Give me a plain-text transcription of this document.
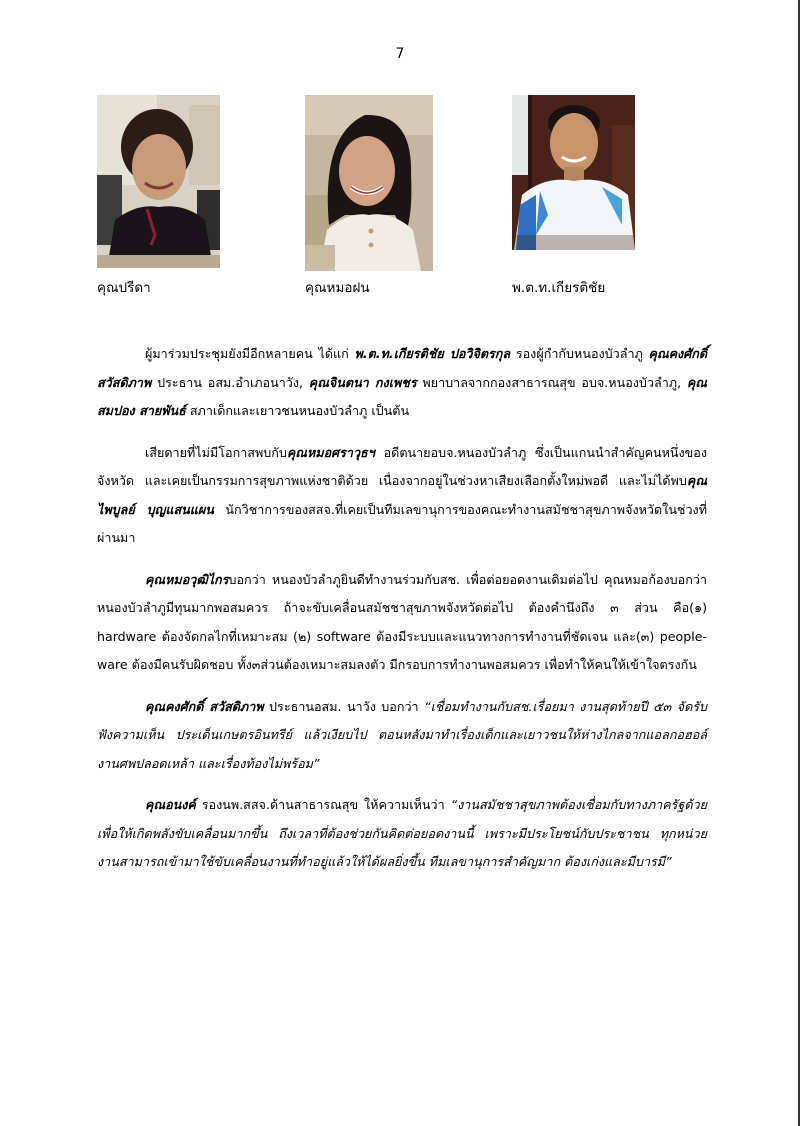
7
คุณปรีดา	คุณหมอฝน	พ.ต.ท.เกียรติชัย

ผู้มาร่วมประชุมยังมีอีกหลายคน ได้แก่ พ.ต.ท.เกียรติชัย ปอวิจิตรกุล รองผู้กำกับหนองบัวลำภู คุณคงศักดิ์ สวัสดิภาพ ประธาน อสม.อำเภอนาวัง, คุณจินตนา กงเพชร พยาบาลจากกองสาธารณสุข อบจ.หนองบัวลำภู, คุณสมปอง สายพันธ์ สภาเด็กและเยาวชนหนองบัวลำภู เป็นต้น

เสียดายที่ไม่มีโอกาสพบกับคุณหมอศราวุธฯ อดีตนายอบจ.หนองบัวลำภู ซึ่งเป็นแกนนำสำคัญคนหนึ่งของจังหวัด และเคยเป็นกรรมการสุขภาพแห่งชาติด้วย เนื่องจากอยู่ในช่วงหาเสียงเลือกตั้งใหม่พอดี และไม่ได้พบคุณไพบูลย์ บุญแสนแผน นักวิชาการของสสจ.ที่เคยเป็นทีมเลขานุการของคณะทำงานสมัชชาสุขภาพจังหวัดในช่วงที่ผ่านมา

คุณหมอวุฒิไกรบอกว่า หนองบัวลำภูยินดีทำงานร่วมกับสช. เพื่อต่อยอดงานเดิมต่อไป คุณหมอก้องบอกว่า หนองบัวลำภูมีทุนมากพอสมควร ถ้าจะขับเคลื่อนสมัชชาสุขภาพจังหวัดต่อไป ต้องคำนึงถึง ๓ ส่วน คือ(๑) hardware ต้องจัดกลไกที่เหมาะสม (๒) software ต้องมีระบบและแนวทางการทำงานที่ชัดเจน และ(๓) people-ware ต้องมีคนรับผิดชอบ ทั้ง๓ส่วนต้องเหมาะสมลงตัว มีกรอบการทำงานพอสมควร เพื่อทำให้คนให้เข้าใจตรงกัน

คุณคงศักดิ์ สวัสดิภาพ ประธานอสม. นาวัง บอกว่า “เชื่อมทำงานกับสช.เรื่อยมา งานสุดท้ายปี ๕๓ จัดรับฟังความเห็น ประเด็นเกษตรอินทรีย์ แล้วเงียบไป ตอนหลังมาทำเรื่องเด็กและเยาวชนให้ห่างไกลจากแอลกอฮอล์ งานศพปลอดเหล้า และเรื่องท้องไม่พร้อม”

คุณอนงค์ รองนพ.สสจ.ด้านสาธารณสุข ให้ความเห็นว่า “งานสมัชชาสุขภาพต้องเชื่อมกับทางภาครัฐด้วย เพื่อให้เกิดพลังขับเคลื่อนมากขึ้น ถึงเวลาที่ต้องช่วยกันคิดต่อยอดงานนี้ เพราะมีประโยชน์กับประชาชน ทุกหน่วยงานสามารถเข้ามาใช้ขับเคลื่อนงานที่ทำอยู่แล้วให้ได้ผลยิ่งขึ้น ทีมเลขานุการสำคัญมาก ต้องเก่งและมีบารมี”
